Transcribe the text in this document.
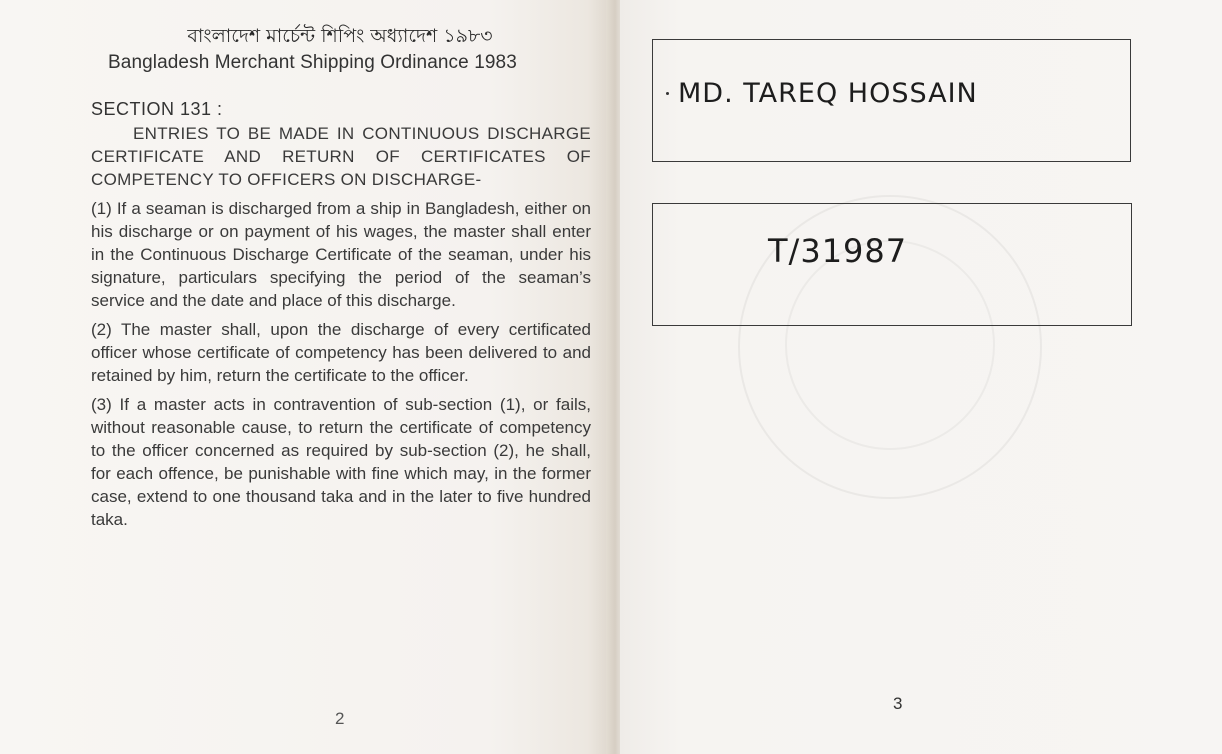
বাংলাদেশ মার্চেন্ট শিপিং অধ্যাদেশ ১৯৮৩
Bangladesh Merchant Shipping Ordinance 1983
SECTION 131 :

ENTRIES TO BE MADE IN CONTINUOUS DISCHARGE CERTIFICATE AND RETURN OF CERTIFICATES OF COMPETENCY TO OFFICERS ON DISCHARGE-

(1) If a seaman is discharged from a ship in Bangladesh, either on his discharge or on payment of his wages, the master shall enter in the Continuous Discharge Certificate of the seaman, under his signature, particulars specifying the period of the seaman’s service and the date and place of this discharge.

(2) The master shall, upon the discharge of every certificated officer whose certificate of competency has been delivered to and retained by him, return the certificate to the officer.

(3) If a master acts in contravention of sub-section (1), or fails, without reasonable cause, to return the certificate of competency to the officer concerned as required by sub-section (2), he shall, for each offence, be punishable with fine which may, in the former case, extend to one thousand taka and in the later to five hundred taka.

2
MD. TAREQ HOSSAIN
T/31987
3
